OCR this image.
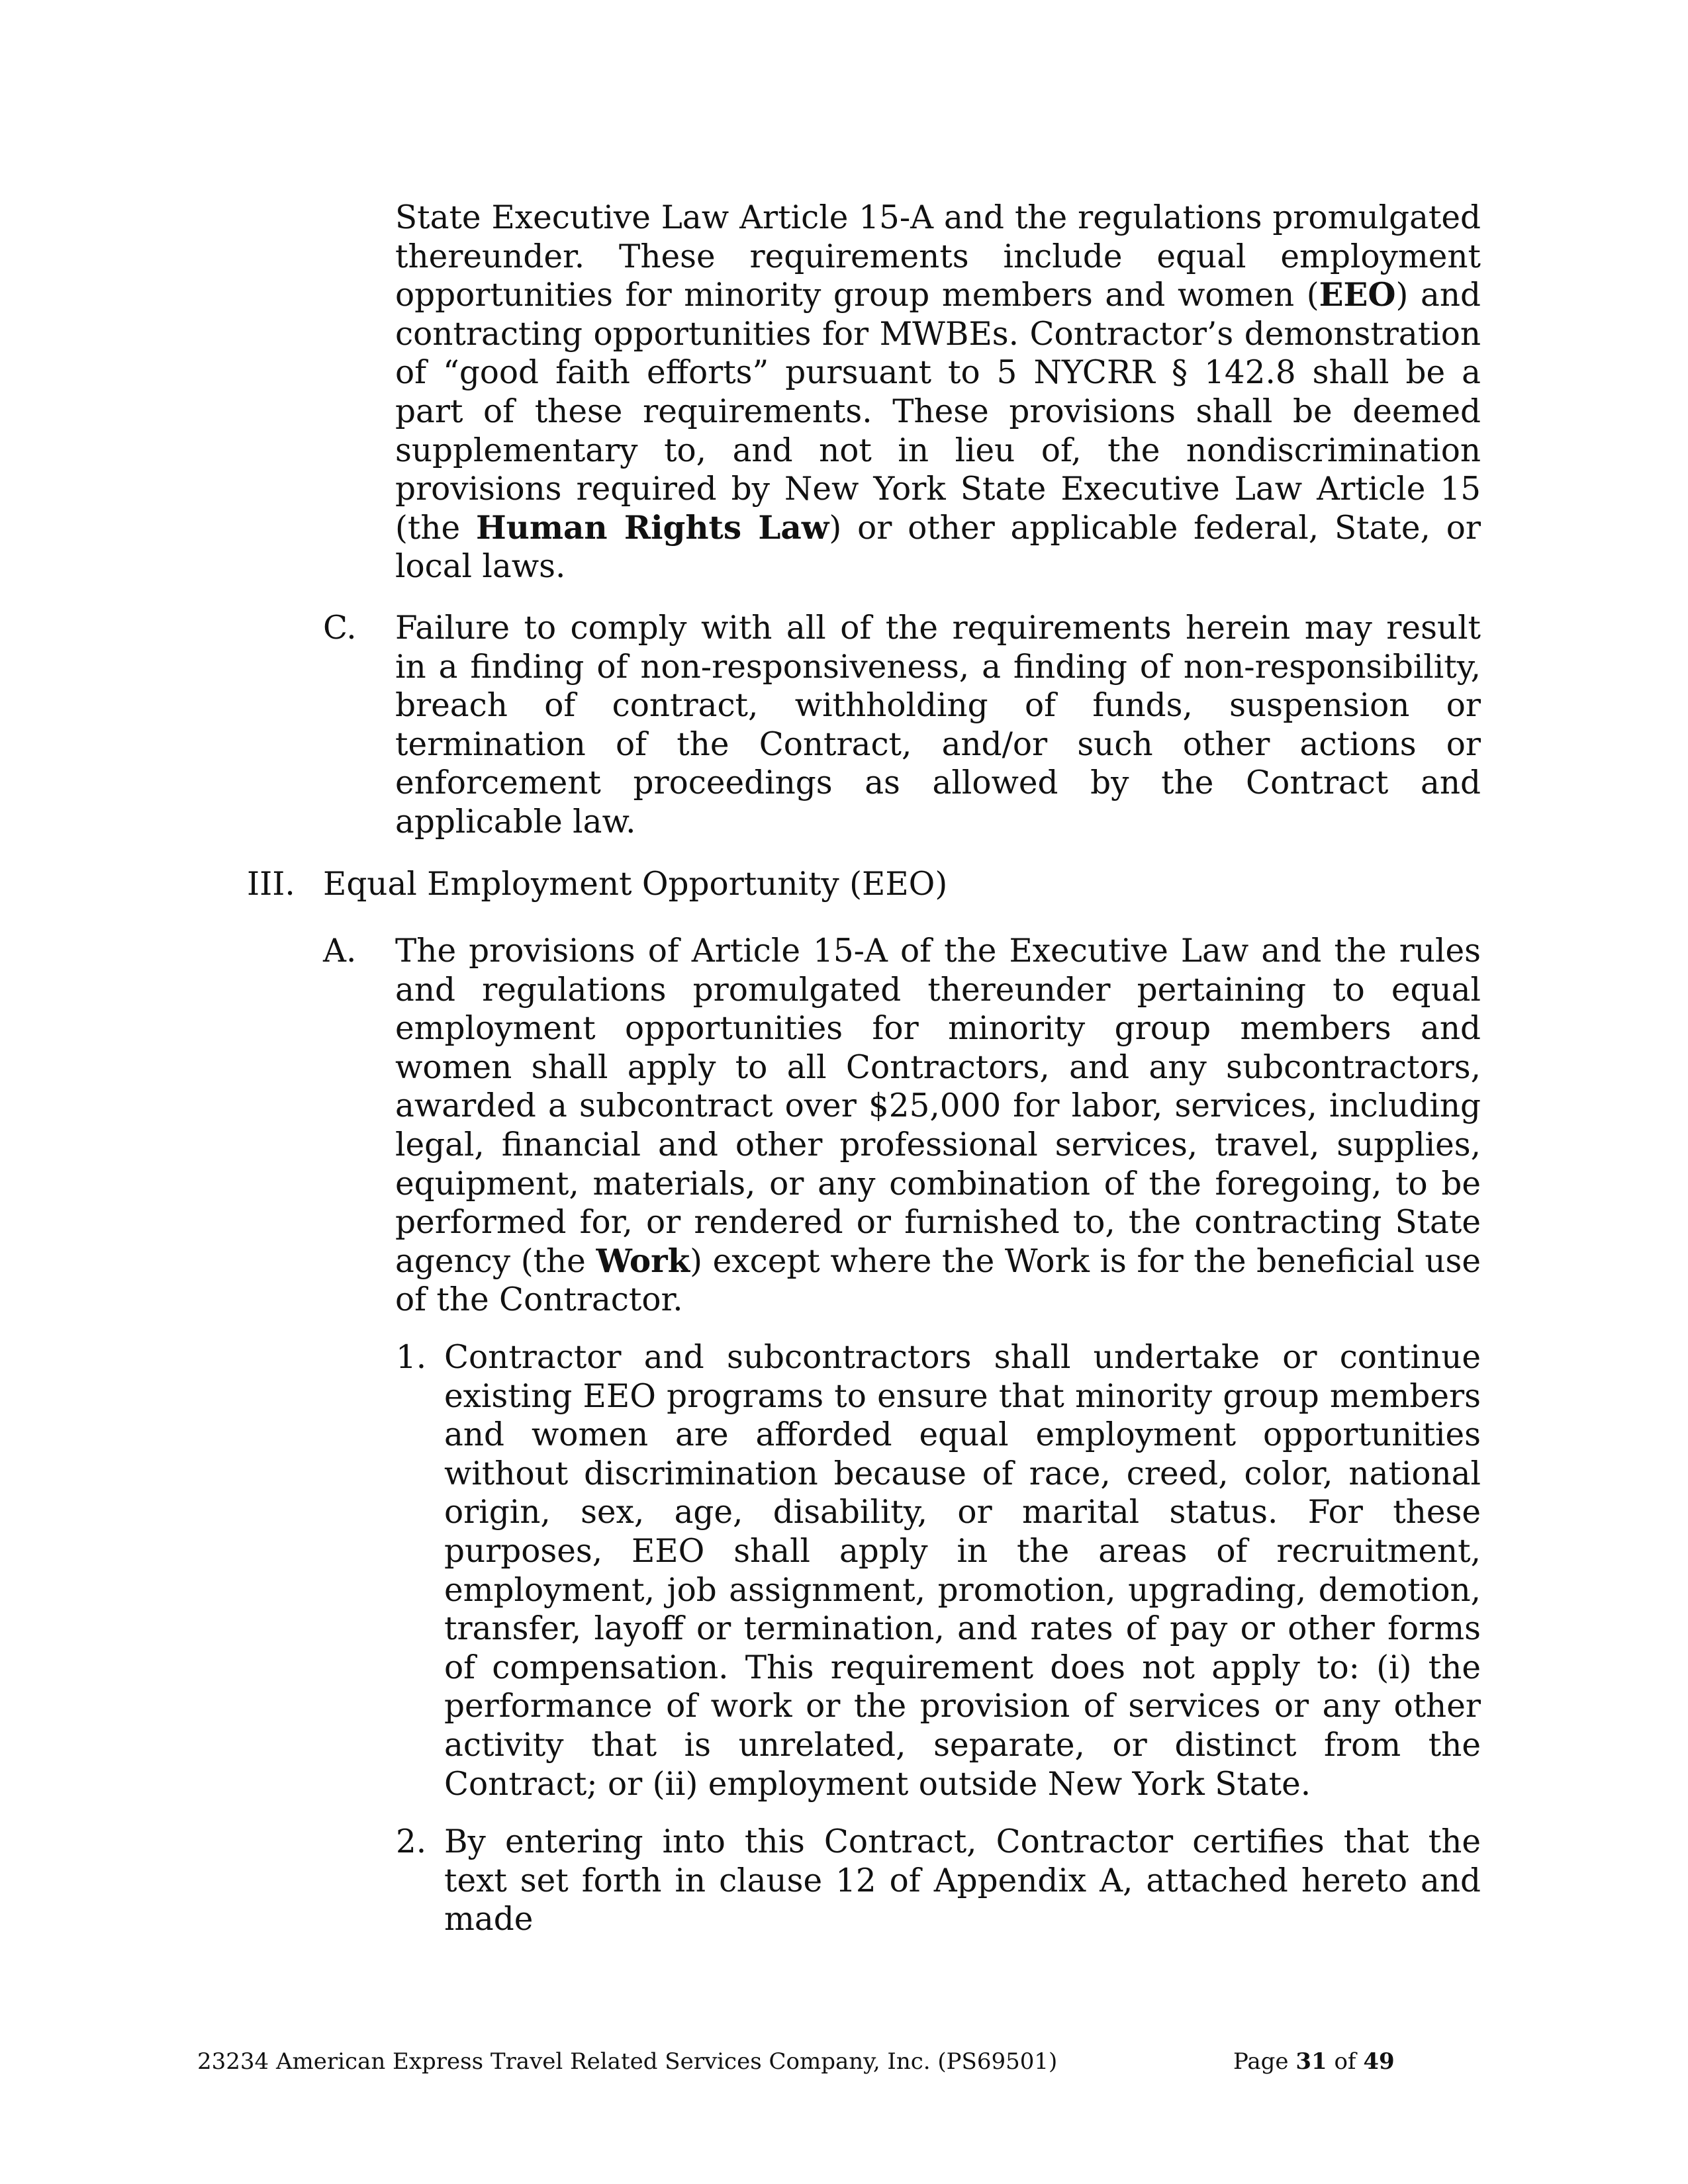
State Executive Law Article 15-A and the regulations promulgated thereunder. These requirements include equal employment opportunities for minority group members and women (EEO) and contracting opportunities for MWBEs. Contractor’s demonstration of “good faith efforts” pursuant to 5 NYCRR § 142.8 shall be a part of these requirements. These provisions shall be deemed supplementary to, and not in lieu of, the nondiscrimination provisions required by New York State Executive Law Article 15 (the Human Rights Law) or other applicable federal, State, or local laws.

C. Failure to comply with all of the requirements herein may result in a finding of non-responsiveness, a finding of non-responsibility, breach of contract, withholding of funds, suspension or termination of the Contract, and/or such other actions or enforcement proceedings as allowed by the Contract and applicable law.

III. Equal Employment Opportunity (EEO)
A. The provisions of Article 15-A of the Executive Law and the rules and regulations promulgated thereunder pertaining to equal employment opportunities for minority group members and women shall apply to all Contractors, and any subcontractors, awarded a subcontract over $25,000 for labor, services, including legal, financial and other professional services, travel, supplies, equipment, materials, or any combination of the foregoing, to be performed for, or rendered or furnished to, the contracting State agency (the Work) except where the Work is for the beneficial use of the Contractor.

1. Contractor and subcontractors shall undertake or continue existing EEO programs to ensure that minority group members and women are afforded equal employment opportunities without discrimination because of race, creed, color, national origin, sex, age, disability, or marital status. For these purposes, EEO shall apply in the areas of recruitment, employment, job assignment, promotion, upgrading, demotion, transfer, layoff or termination, and rates of pay or other forms of compensation. This requirement does not apply to: (i) the performance of work or the provision of services or any other activity that is unrelated, separate, or distinct from the Contract; or (ii) employment outside New York State.

2. By entering into this Contract, Contractor certifies that the text set forth in clause 12 of Appendix A, attached hereto and made

23234 American Express Travel Related Services Company, Inc. (PS69501)	Page 31 of 49
